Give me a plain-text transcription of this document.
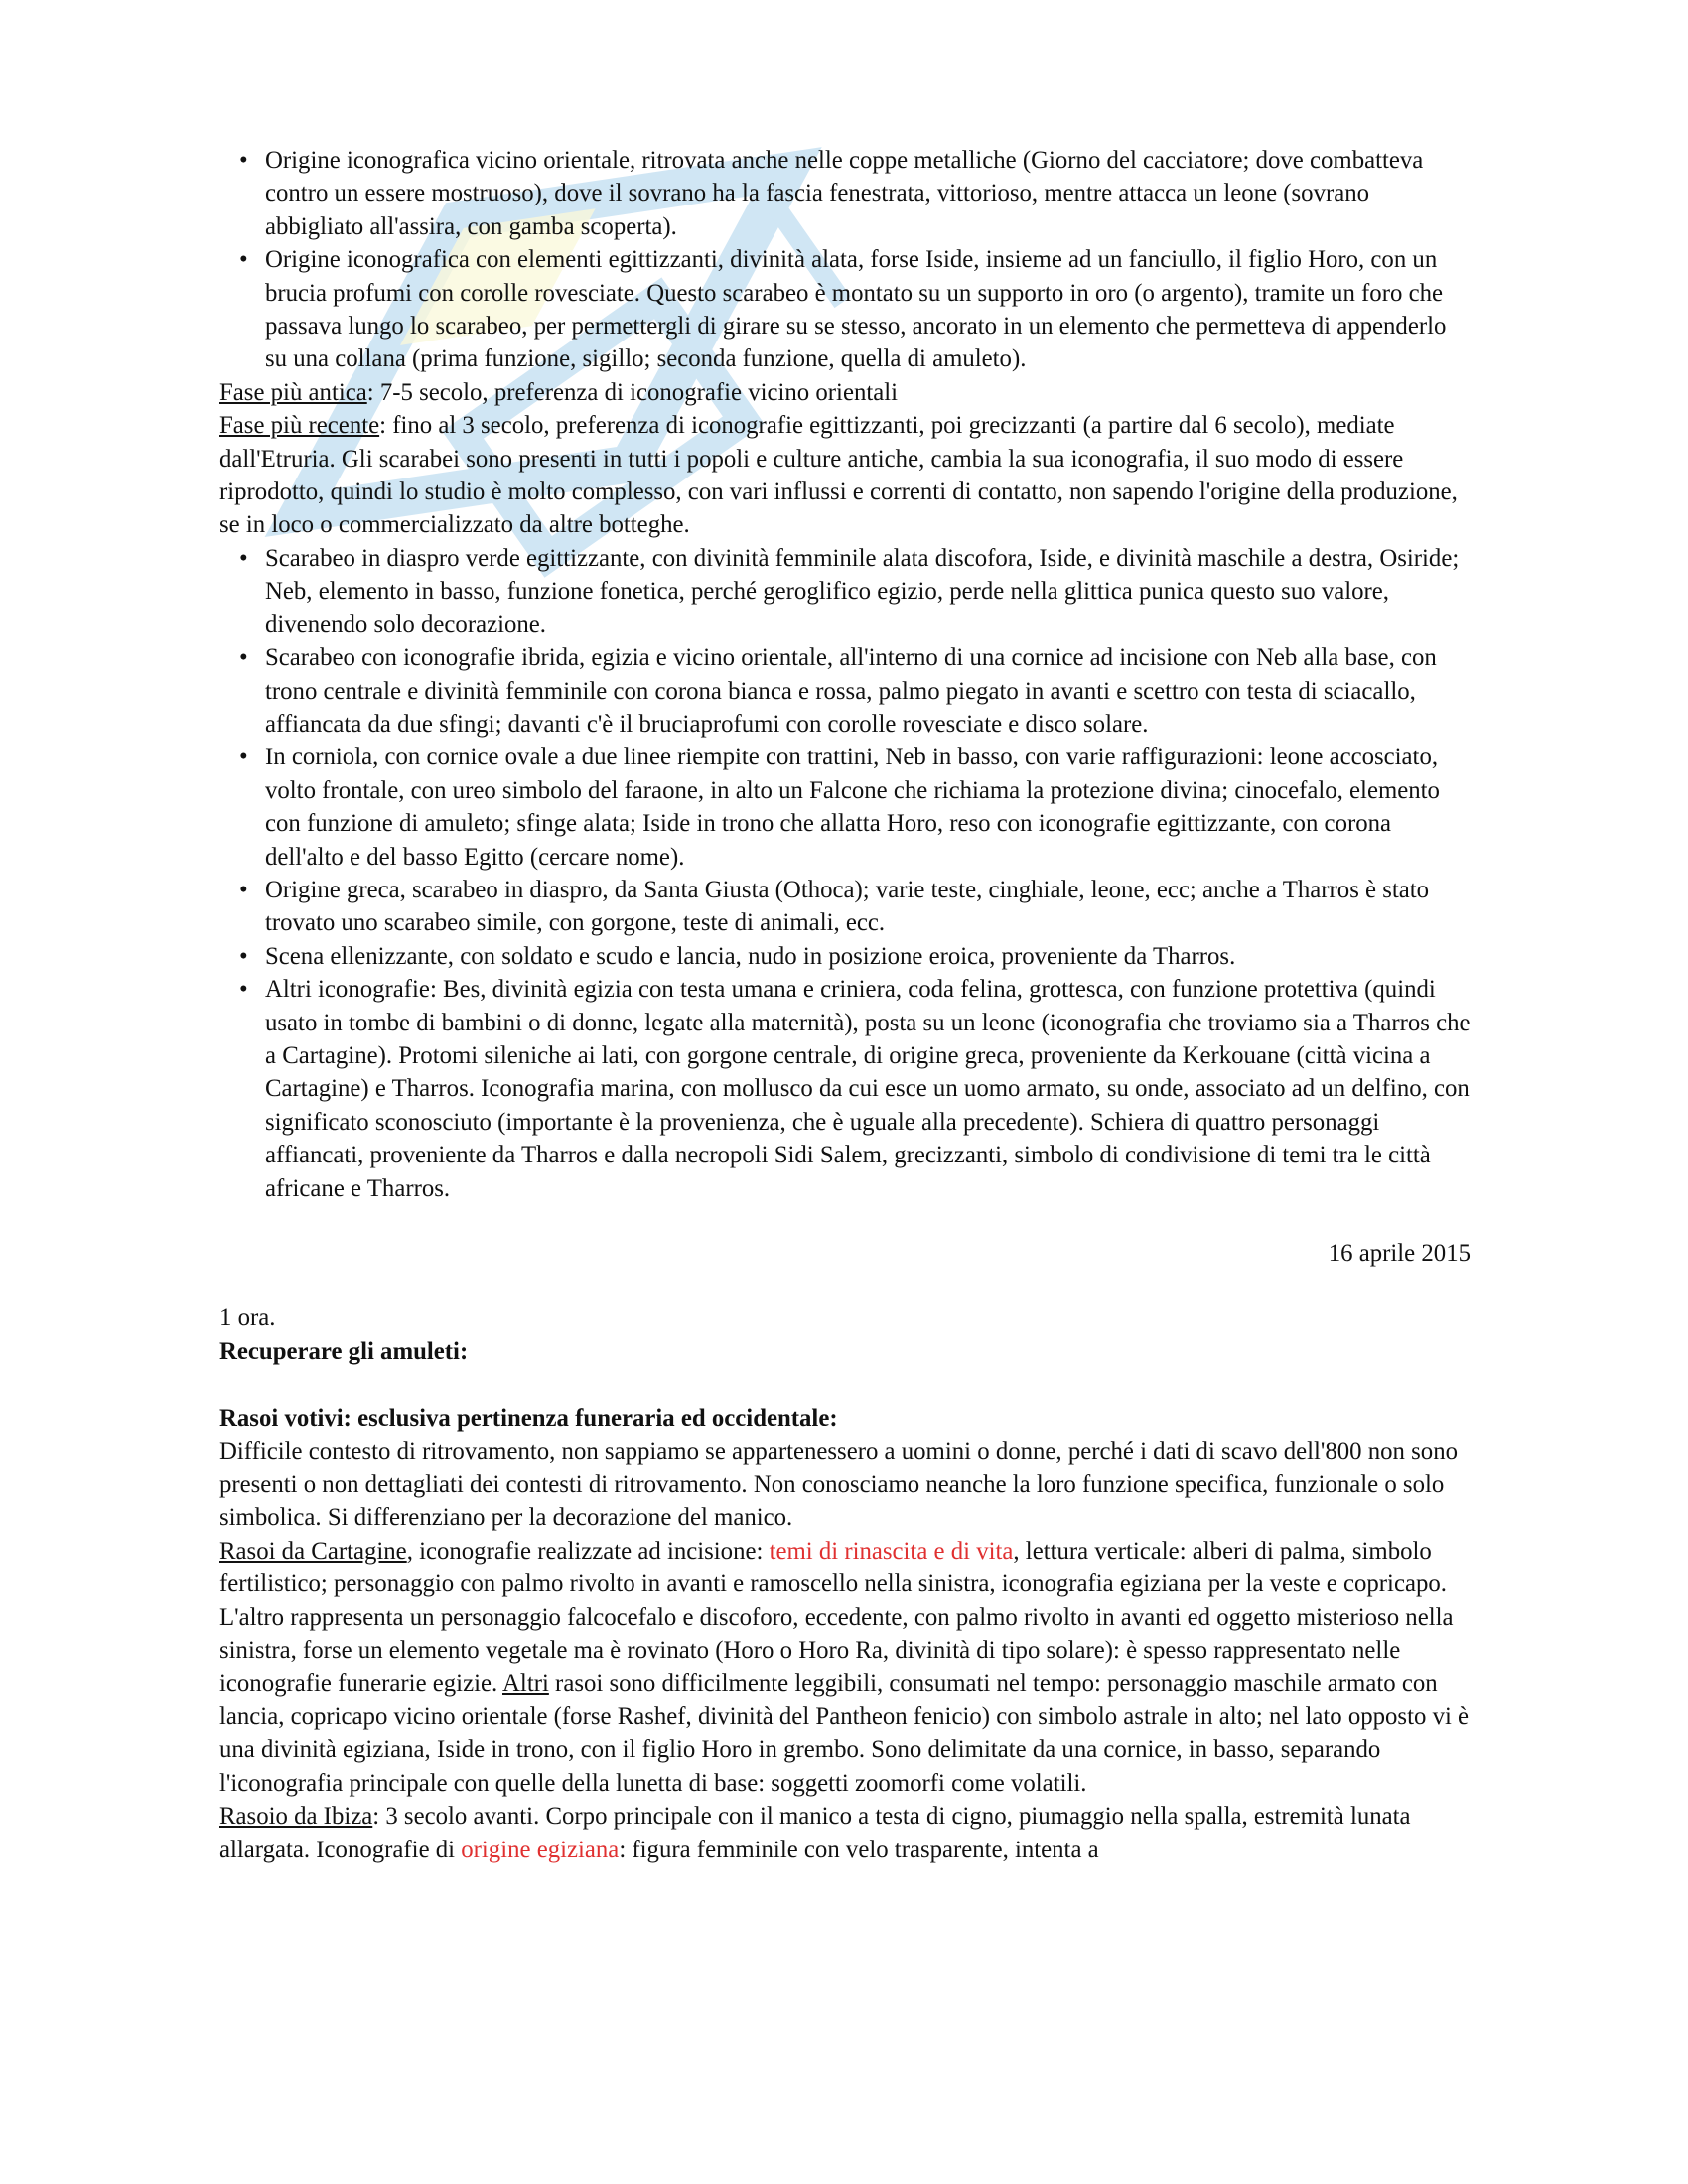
• Origine iconografica vicino orientale, ritrovata anche nelle coppe metalliche (Giorno del cacciatore; dove combatteva contro un essere mostruoso), dove il sovrano ha la fascia fenestrata, vittorioso, mentre attacca un leone (sovrano abbigliato all'assira, con gamba scoperta).
• Origine iconografica con elementi egittizzanti, divinità alata, forse Iside, insieme ad un fanciullo, il figlio Horo, con un brucia profumi con corolle rovesciate. Questo scarabeo è montato su un supporto in oro (o argento), tramite un foro che passava lungo lo scarabeo, per permettergli di girare su se stesso, ancorato in un elemento che permetteva di appenderlo su una collana (prima funzione, sigillo; seconda funzione, quella di amuleto).

Fase più antica: 7-5 secolo, preferenza di iconografie vicino orientali

Fase più recente: fino al 3 secolo, preferenza di iconografie egittizzanti, poi grecizzanti (a partire dal 6 secolo), mediate dall'Etruria. Gli scarabei sono presenti in tutti i popoli e culture antiche, cambia la sua iconografia, il suo modo di essere riprodotto, quindi lo studio è molto complesso, con vari influssi e correnti di contatto, non sapendo l'origine della produzione, se in loco o commercializzato da altre botteghe.

• Scarabeo in diaspro verde egittizzante, con divinità femminile alata discofora, Iside, e divinità maschile a destra, Osiride; Neb, elemento in basso, funzione fonetica, perché geroglifico egizio, perde nella glittica punica questo suo valore, divenendo solo decorazione.
• Scarabeo con iconografie ibrida, egizia e vicino orientale, all'interno di una cornice ad incisione con Neb alla base, con trono centrale e divinità femminile con corona bianca e rossa, palmo piegato in avanti e scettro con testa di sciacallo, affiancata da due sfingi; davanti c'è il bruciaprofumi con corolle rovesciate e disco solare.
• In corniola, con cornice ovale a due linee riempite con trattini, Neb in basso, con varie raffigurazioni: leone accosciato, volto frontale, con ureo simbolo del faraone, in alto un Falcone che richiama la protezione divina; cinocefalo, elemento con funzione di amuleto; sfinge alata; Iside in trono che allatta Horo, reso con iconografie egittizzante, con corona dell'alto e del basso Egitto (cercare nome).
• Origine greca, scarabeo in diaspro, da Santa Giusta (Othoca); varie teste, cinghiale, leone, ecc; anche a Tharros è stato trovato uno scarabeo simile, con gorgone, teste di animali, ecc.
• Scena ellenizzante, con soldato e scudo e lancia, nudo in posizione eroica, proveniente da Tharros.
• Altri iconografie: Bes, divinità egizia con testa umana e criniera, coda felina, grottesca, con funzione protettiva (quindi usato in tombe di bambini o di donne, legate alla maternità), posta su un leone (iconografia che troviamo sia a Tharros che a Cartagine). Protomi sileniche ai lati, con gorgone centrale, di origine greca, proveniente da Kerkouane (città vicina a Cartagine) e Tharros. Iconografia marina, con mollusco da cui esce un uomo armato, su onde, associato ad un delfino, con significato sconosciuto (importante è la provenienza, che è uguale alla precedente). Schiera di quattro personaggi affiancati, proveniente da Tharros e dalla necropoli Sidi Salem, grecizzanti, simbolo di condivisione di temi tra le città africane e Tharros.

16 aprile 2015

1 ora.

Recuperare gli amuleti:

Rasoi votivi: esclusiva pertinenza funeraria ed occidentale:

Difficile contesto di ritrovamento, non sappiamo se appartenessero a uomini o donne, perché i dati di scavo dell'800 non sono presenti o non dettagliati dei contesti di ritrovamento. Non conosciamo neanche la loro funzione specifica, funzionale o solo simbolica. Si differenziano per la decorazione del manico.

Rasoi da Cartagine, iconografie realizzate ad incisione: temi di rinascita e di vita, lettura verticale: alberi di palma, simbolo fertilistico; personaggio con palmo rivolto in avanti e ramoscello nella sinistra, iconografia egiziana per la veste e copricapo. L'altro rappresenta un personaggio falcocefalo e discoforo, eccedente, con palmo rivolto in avanti ed oggetto misterioso nella sinistra, forse un elemento vegetale ma è rovinato (Horo o Horo Ra, divinità di tipo solare): è spesso rappresentato nelle iconografie funerarie egizie. Altri rasoi sono difficilmente leggibili, consumati nel tempo: personaggio maschile armato con lancia, copricapo vicino orientale (forse Rashef, divinità del Pantheon fenicio) con simbolo astrale in alto; nel lato opposto vi è una divinità egiziana, Iside in trono, con il figlio Horo in grembo. Sono delimitate da una cornice, in basso, separando l'iconografia principale con quelle della lunetta di base: soggetti zoomorfi come volatili.

Rasoio da Ibiza: 3 secolo avanti. Corpo principale con il manico a testa di cigno, piumaggio nella spalla, estremità lunata allargata. Iconografie di origine egiziana: figura femminile con velo trasparente, intenta a
